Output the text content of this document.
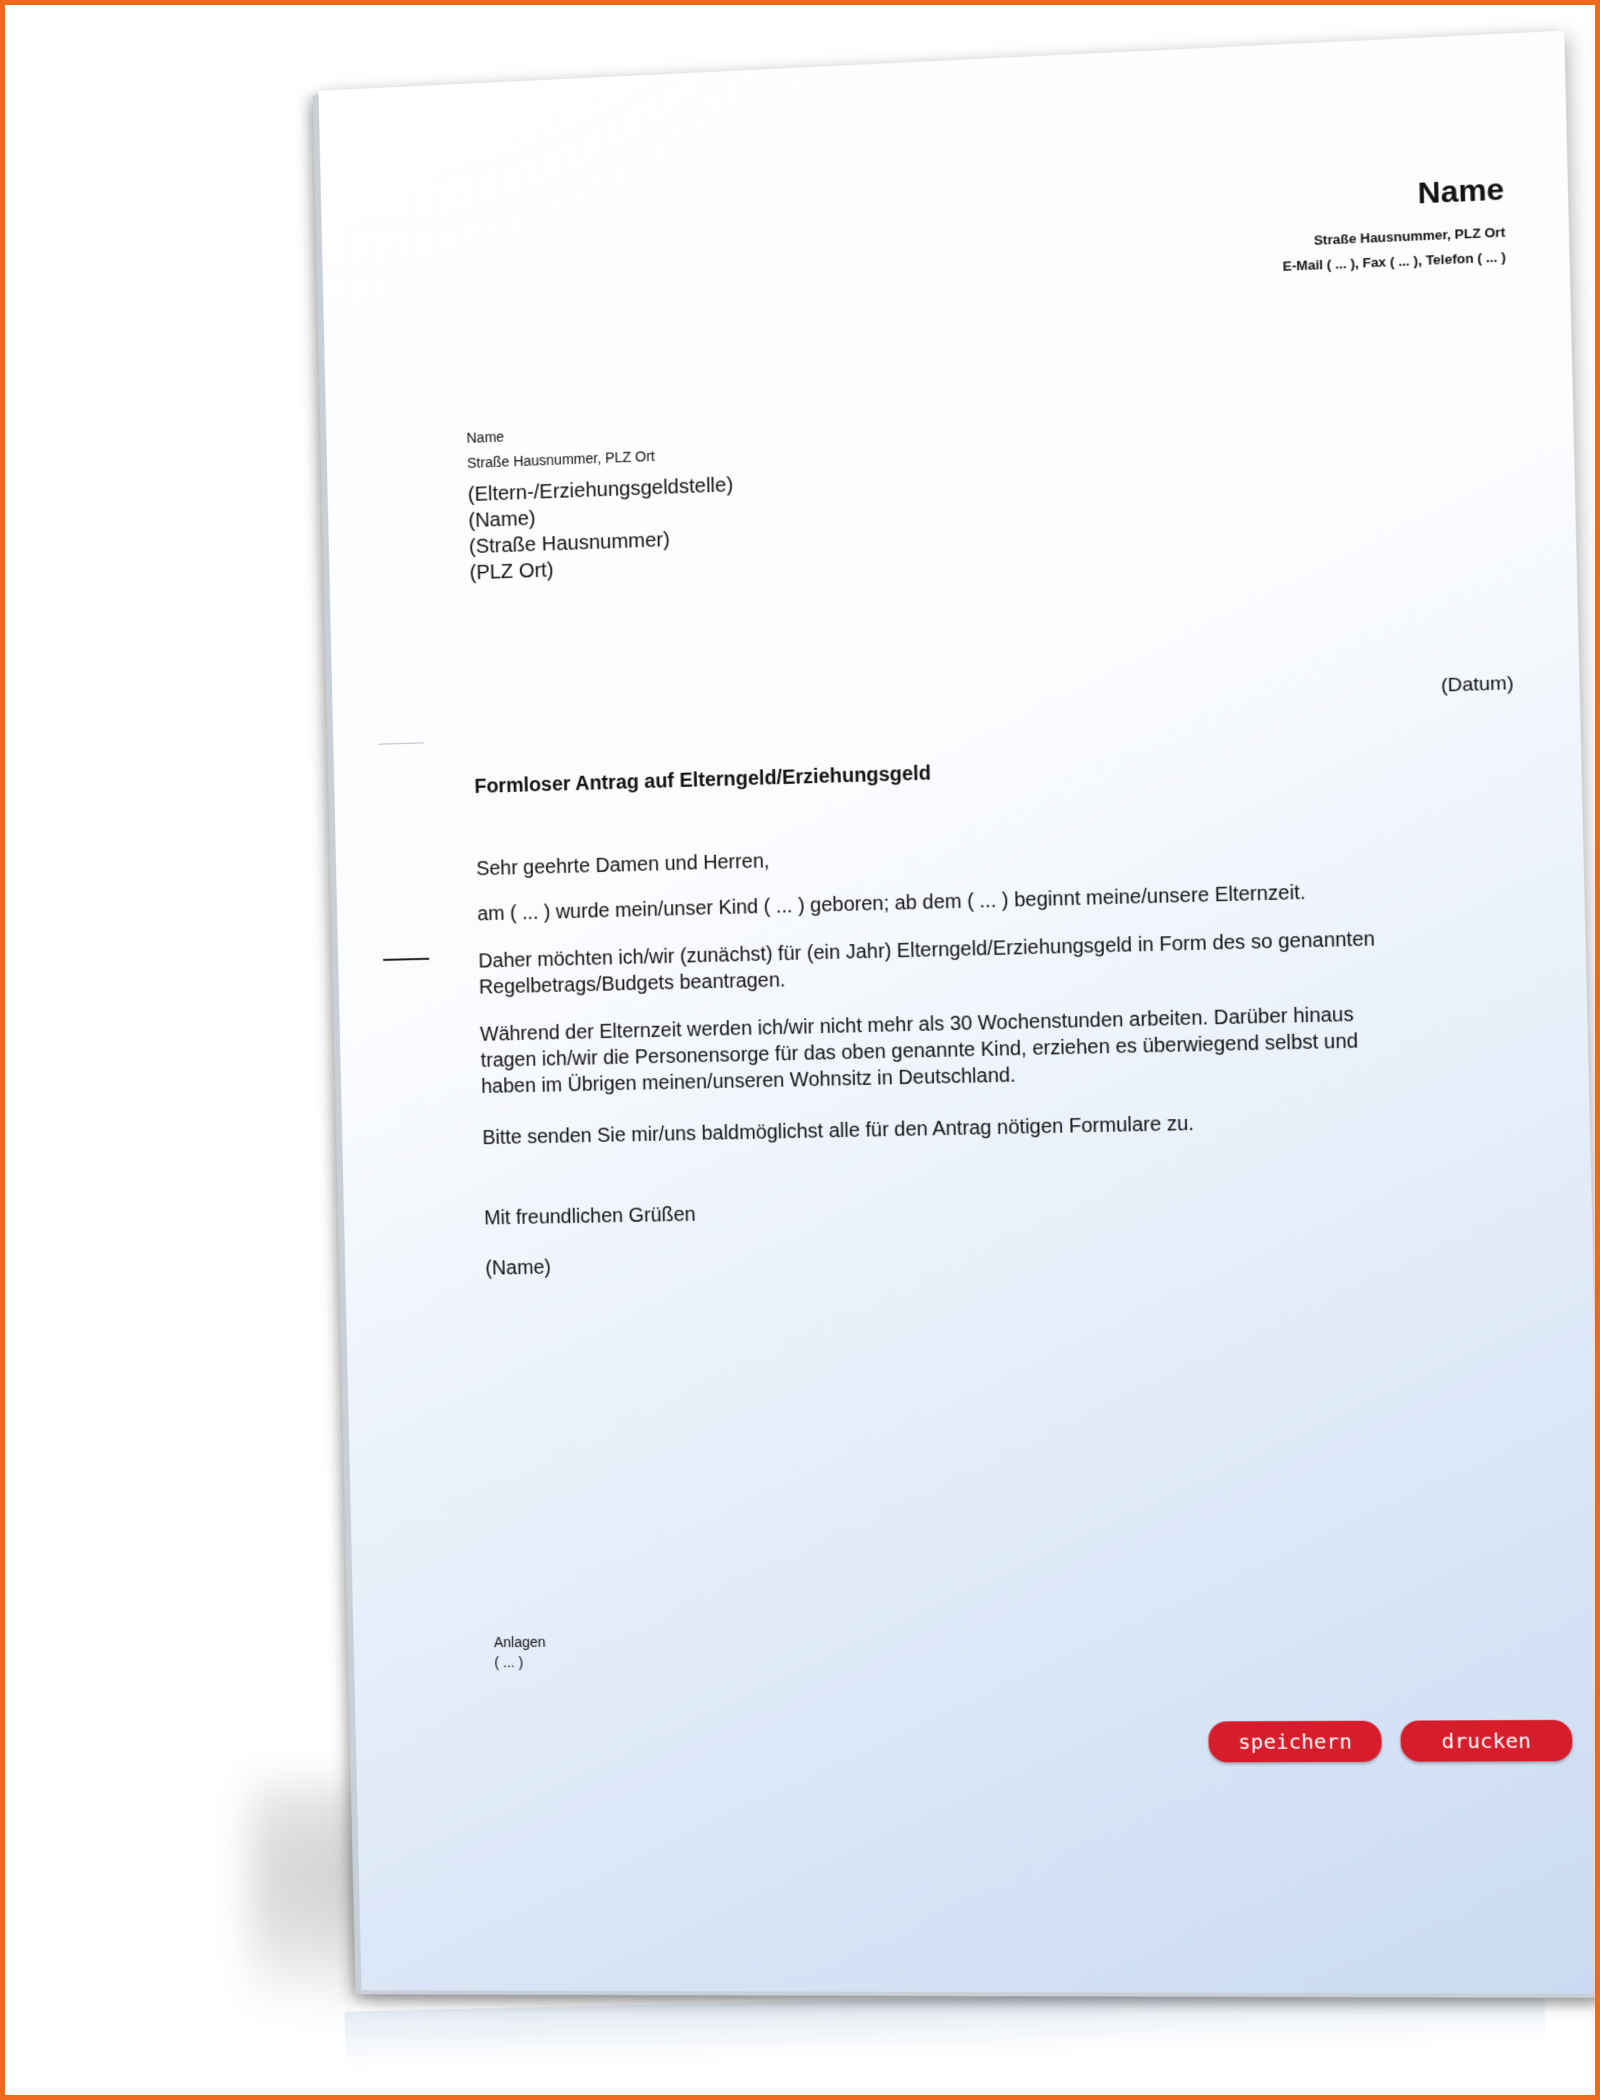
Name
Straße Hausnummer, PLZ Ort
E-Mail ( ... ), Fax ( ... ), Telefon ( ... )
Name
Straße Hausnummer, PLZ Ort
(Eltern-/Erziehungsgeldstelle)
(Name)
(Straße Hausnummer)
(PLZ Ort)
(Datum)
Formloser Antrag auf Elterngeld/Erziehungsgeld
Sehr geehrte Damen und Herren,
am ( ... ) wurde mein/unser Kind ( ... ) geboren; ab dem ( ... ) beginnt meine/unsere Elternzeit.
Daher möchten ich/wir (zunächst) für (ein Jahr) Elterngeld/Erziehungsgeld in Form des so genannten Regelbetrags/Budgets beantragen.
Während der Elternzeit werden ich/wir nicht mehr als 30 Wochenstunden arbeiten. Darüber hinaus tragen ich/wir die Personensorge für das oben genannte Kind, erziehen es überwiegend selbst und haben im Übrigen meinen/unseren Wohnsitz in Deutschland.
Bitte senden Sie mir/uns baldmöglichst alle für den Antrag nötigen Formulare zu.
Mit freundlichen Grüßen
(Name)
Anlagen
( ... )
speichern	drucken
